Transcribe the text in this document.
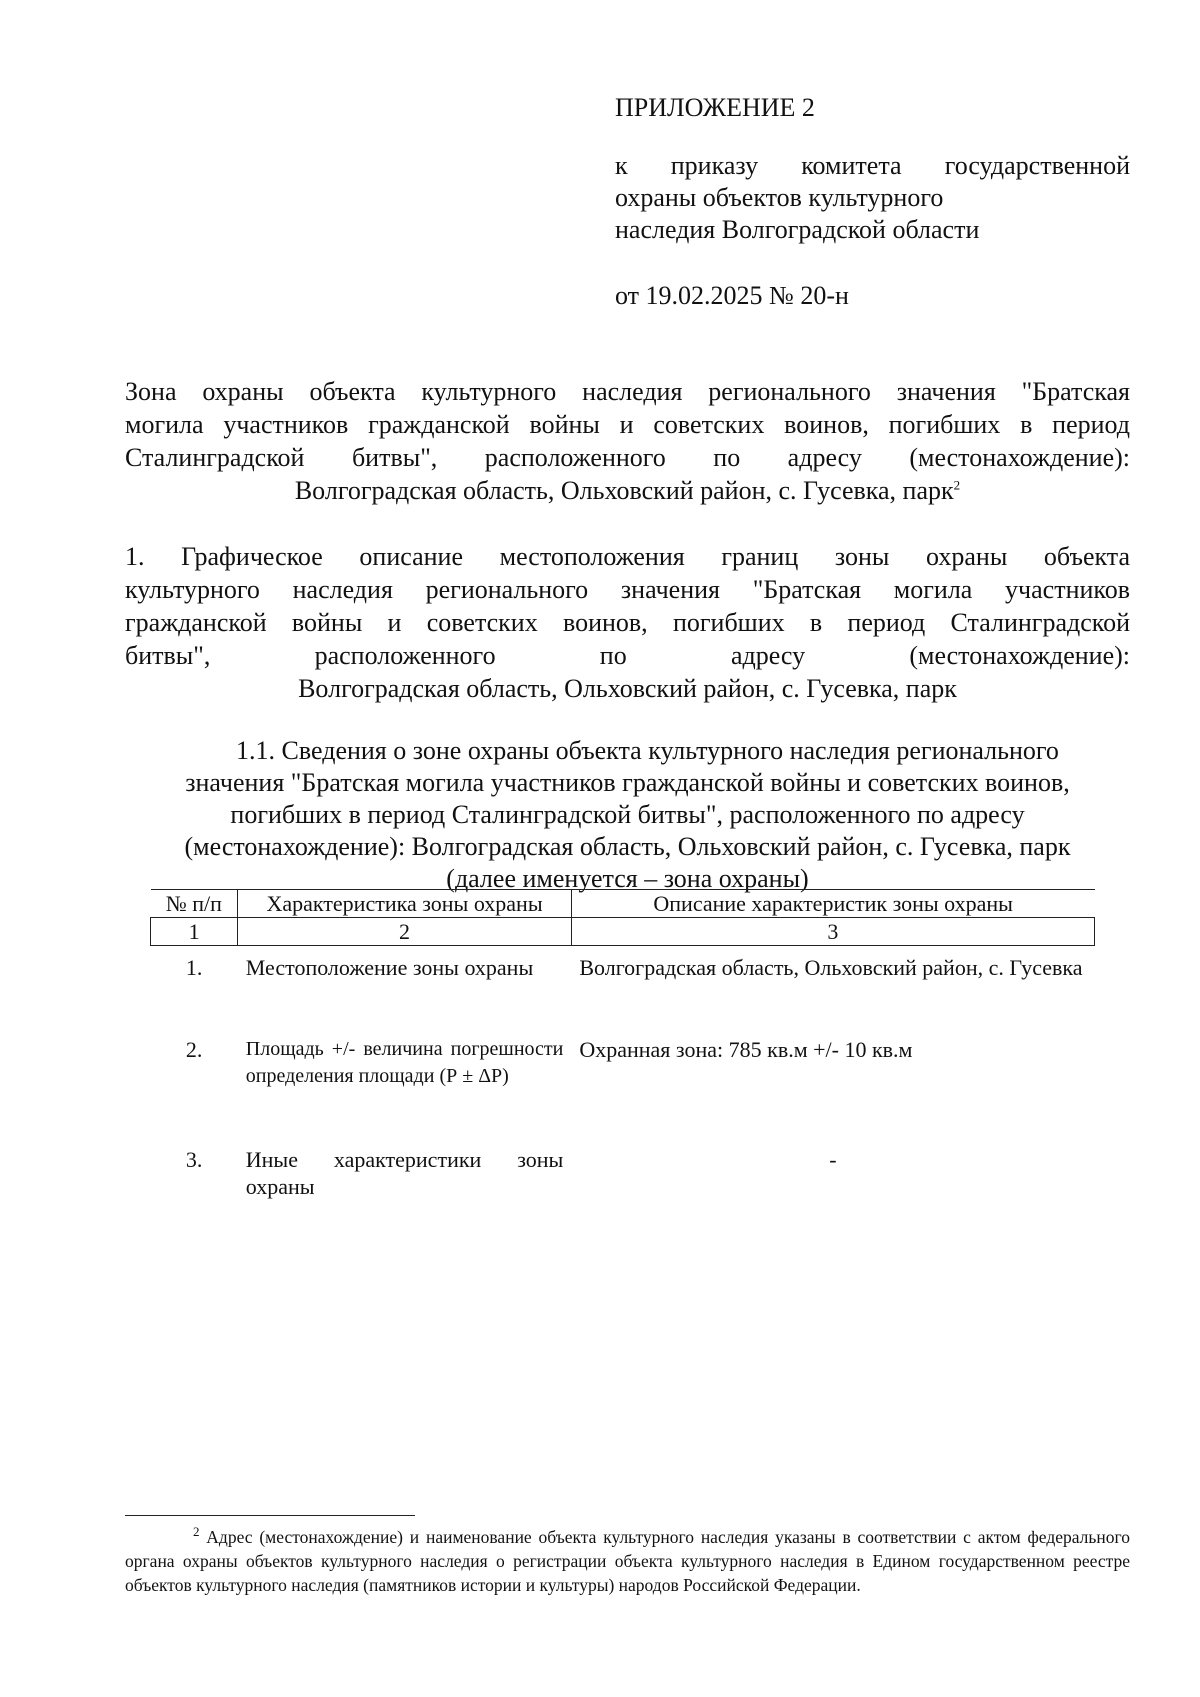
ПРИЛОЖЕНИЕ 2
к приказу комитета государственной
охраны объектов культурного
наследия Волгоградской области
от 19.02.2025 № 20-н
Зона охраны объекта культурного наследия регионального значения "Братская
могила участников гражданской войны и советских воинов, погибших в период
Сталинградской битвы", расположенного по адресу (местонахождение):
Волгоградская область, Ольховский район, с. Гусевка, парк$^2$
1. Графическое описание местоположения границ зоны охраны объекта
культурного наследия регионального значения "Братская могила участников
гражданской войны и советских воинов, погибших в период Сталинградской
битвы", расположенного по адресу (местонахождение):
Волгоградская область, Ольховский район, с. Гусевка, парк
1.1. Сведения о зоне охраны объекта культурного наследия регионального
значения "Братская могила участников гражданской войны и советских воинов,
погибших в период Сталинградской битвы", расположенного по адресу
(местонахождение): Волгоградская область, Ольховский район, с. Гусевка, парк
(далее именуется – зона охраны)
№ п/п	Характеристика зоны охраны	Описание характеристик зоны охраны
1	2	3
1.	Местоположение зоны охраны	Волгоградская область, Ольховский район, с. Гусевка
2.	Площадь +/- величина погрешности определения площади (Р ± ΔР)	Охранная зона: 785 кв.м +/- 10 кв.м
3.	Иные характеристики зоны охраны	-
$^2$ Адрес (местонахождение) и наименование объекта культурного наследия указаны в соответствии с актом федерального органа охраны объектов культурного наследия о регистрации объекта культурного наследия в Едином государственном реестре объектов культурного наследия (памятников истории и культуры) народов Российской Федерации.
